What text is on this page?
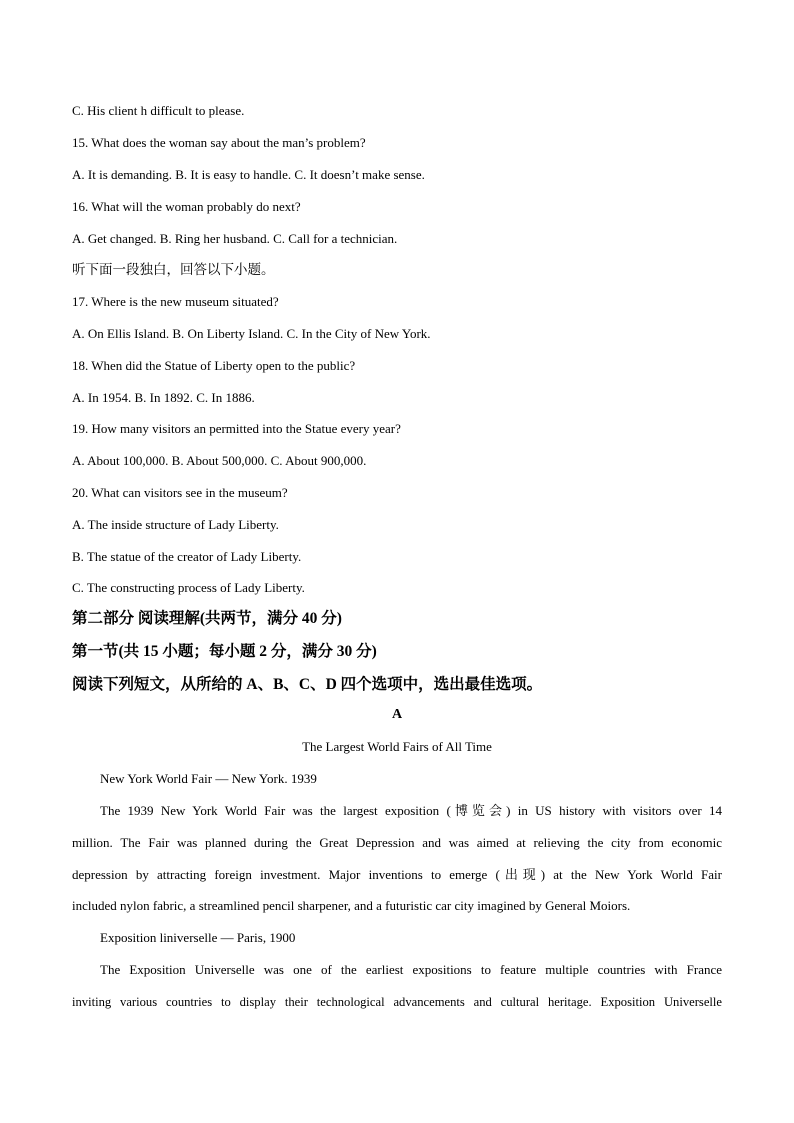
C. His client h difficult to please.
15. What does the woman say about the man’s problem?
A. It is demanding. B. It is easy to handle. C. It doesn’t make sense.
16. What will the woman probably do next?
A. Get changed. B. Ring her husband. C. Call for a technician.
听下面一段独白，回答以下小题。
17. Where is the new museum situated?
A. On Ellis Island. B. On Liberty Island. C. In the City of New York.
18. When did the Statue of Liberty open to the public?
A. In 1954. B. In 1892. C. In 1886.
19. How many visitors an permitted into the Statue every year?
A. About 100,000. B. About 500,000. C. About 900,000.
20. What can visitors see in the museum?
A. The inside structure of Lady Liberty.
B. The statue of the creator of Lady Liberty.
C. The constructing process of Lady Liberty.
第二部分 阅读理解(共两节，满分 40 分)
第一节(共 15 小题；每小题 2 分，满分 30 分)
阅读下列短文，从所给的 A、B、C、D 四个选项中，选出最佳选项。
A
The Largest World Fairs of All Time
New York World Fair — New York. 1939
The 1939 New York World Fair was the largest exposition (博览会) in US history with visitors over 14
million. The Fair was planned during the Great Depression and was aimed at relieving the city from economic
depression by attracting foreign investment. Major inventions to emerge (出现) at the New York World Fair
included nylon fabric, a streamlined pencil sharpener, and a futuristic car city imagined by General Moiors.
Exposition liniverselle — Paris, 1900
The Exposition Universelle was one of the earliest expositions to feature multiple countries with France
inviting various countries to display their technological advancements and cultural heritage. Exposition Universelle
